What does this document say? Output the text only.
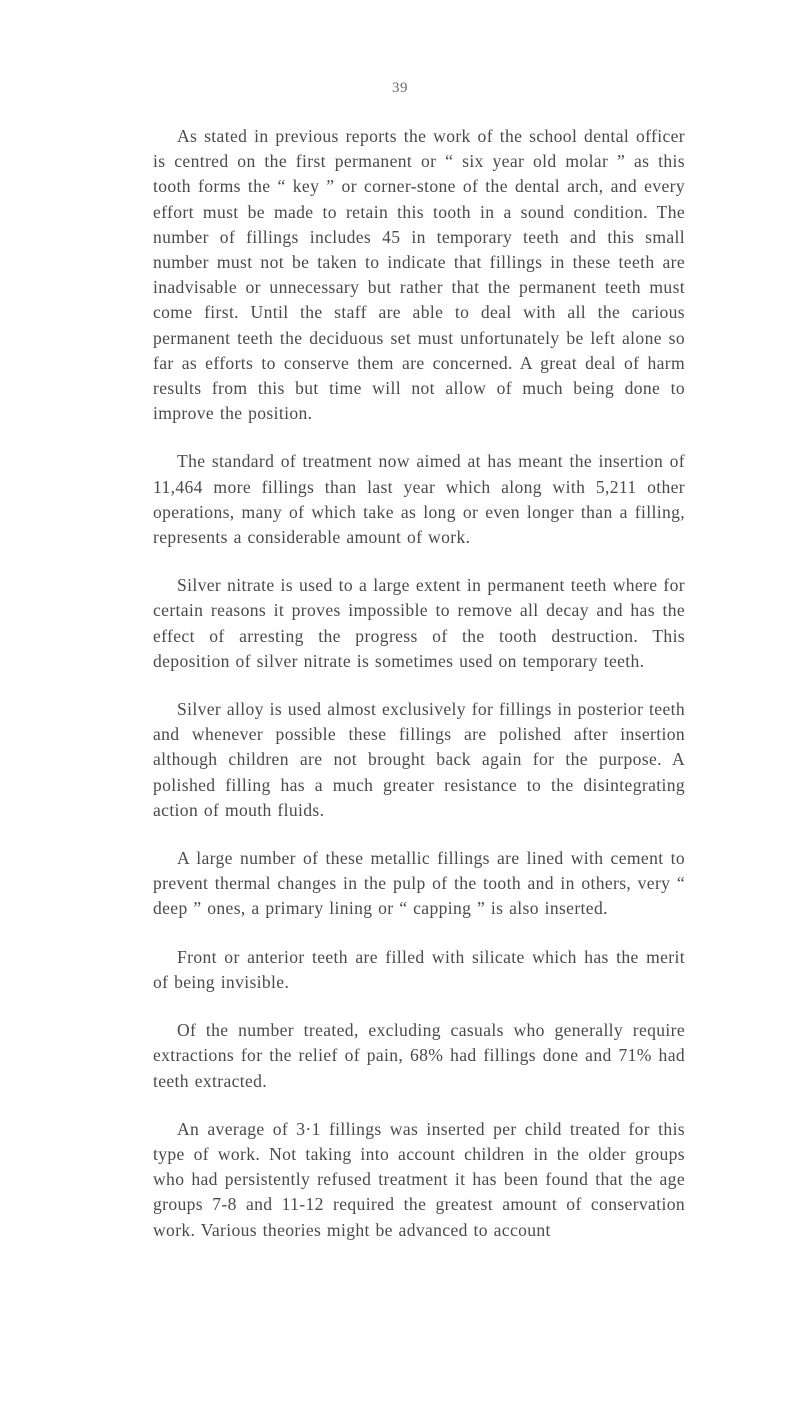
39

As stated in previous reports the work of the school dental officer is centred on the first permanent or “ six year old molar ” as this tooth forms the “ key ” or corner-stone of the dental arch, and every effort must be made to retain this tooth in a sound condition. The number of fillings includes 45 in temporary teeth and this small number must not be taken to indicate that fillings in these teeth are inadvisable or unnecessary but rather that the permanent teeth must come first. Until the staff are able to deal with all the carious permanent teeth the deciduous set must unfortunately be left alone so far as efforts to conserve them are concerned. A great deal of harm results from this but time will not allow of much being done to improve the position.

The standard of treatment now aimed at has meant the insertion of 11,464 more fillings than last year which along with 5,211 other operations, many of which take as long or even longer than a filling, represents a considerable amount of work.

Silver nitrate is used to a large extent in permanent teeth where for certain reasons it proves impossible to remove all decay and has the effect of arresting the progress of the tooth destruction. This deposition of silver nitrate is sometimes used on temporary teeth.

Silver alloy is used almost exclusively for fillings in posterior teeth and whenever possible these fillings are polished after insertion although children are not brought back again for the purpose. A polished filling has a much greater resistance to the disintegrating action of mouth fluids.

A large number of these metallic fillings are lined with cement to prevent thermal changes in the pulp of the tooth and in others, very “ deep ” ones, a primary lining or “ capping ” is also inserted.

Front or anterior teeth are filled with silicate which has the merit of being invisible.

Of the number treated, excluding casuals who generally require extractions for the relief of pain, 68% had fillings done and 71% had teeth extracted.

An average of 3·1 fillings was inserted per child treated for this type of work. Not taking into account children in the older groups who had persistently refused treatment it has been found that the age groups 7-8 and 11-12 required the greatest amount of conservation work. Various theories might be advanced to account
